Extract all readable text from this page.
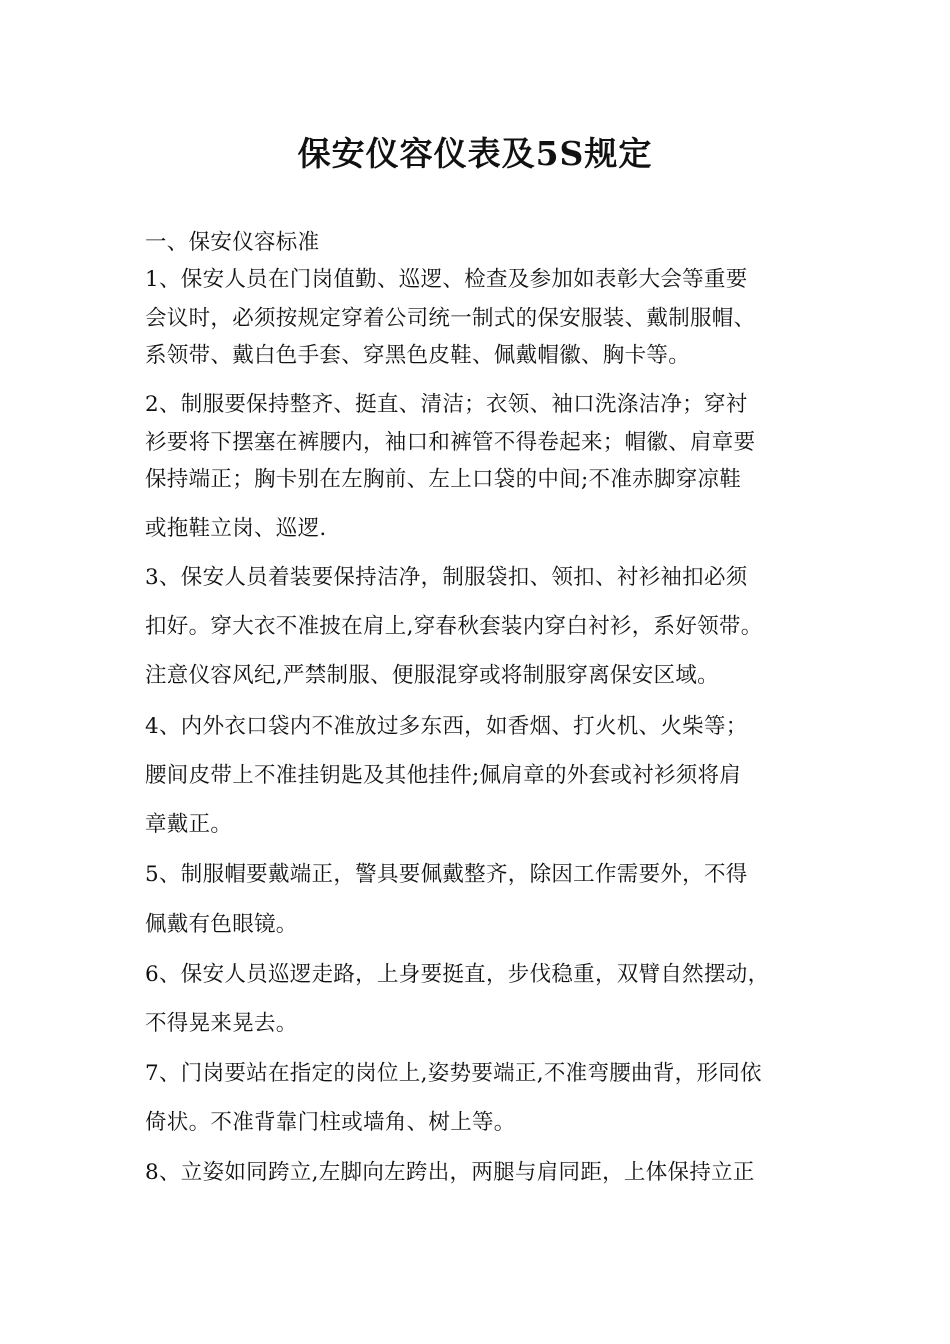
保安仪容仪表及5S规定

一、保安仪容标准

1、保安人员在门岗值勤、巡逻、检查及参加如表彰大会等重要

会议时，必须按规定穿着公司统一制式的保安服装、戴制服帽、

系领带、戴白色手套、穿黑色皮鞋、佩戴帽徽、胸卡等。

2、制服要保持整齐、挺直、清洁；衣领、袖口洗涤洁净；穿衬

衫要将下摆塞在裤腰内，袖口和裤管不得卷起来；帽徽、肩章要

保持端正；胸卡别在左胸前、左上口袋的中间;不准赤脚穿凉鞋

或拖鞋立岗、巡逻.

3、保安人员着装要保持洁净，制服袋扣、领扣、衬衫袖扣必须

扣好。穿大衣不准披在肩上,穿春秋套装内穿白衬衫，系好领带。

注意仪容风纪,严禁制服、便服混穿或将制服穿离保安区域。

4、内外衣口袋内不准放过多东西，如香烟、打火机、火柴等；

腰间皮带上不准挂钥匙及其他挂件;佩肩章的外套或衬衫须将肩

章戴正。

5、制服帽要戴端正，警具要佩戴整齐，除因工作需要外，不得

佩戴有色眼镜。

6、保安人员巡逻走路，上身要挺直，步伐稳重，双臂自然摆动，

不得晃来晃去。

7、门岗要站在指定的岗位上,姿势要端正,不准弯腰曲背，形同依

倚状。不准背靠门柱或墙角、树上等。

8、立姿如同跨立,左脚向左跨出，两腿与肩同距，上体保持立正
